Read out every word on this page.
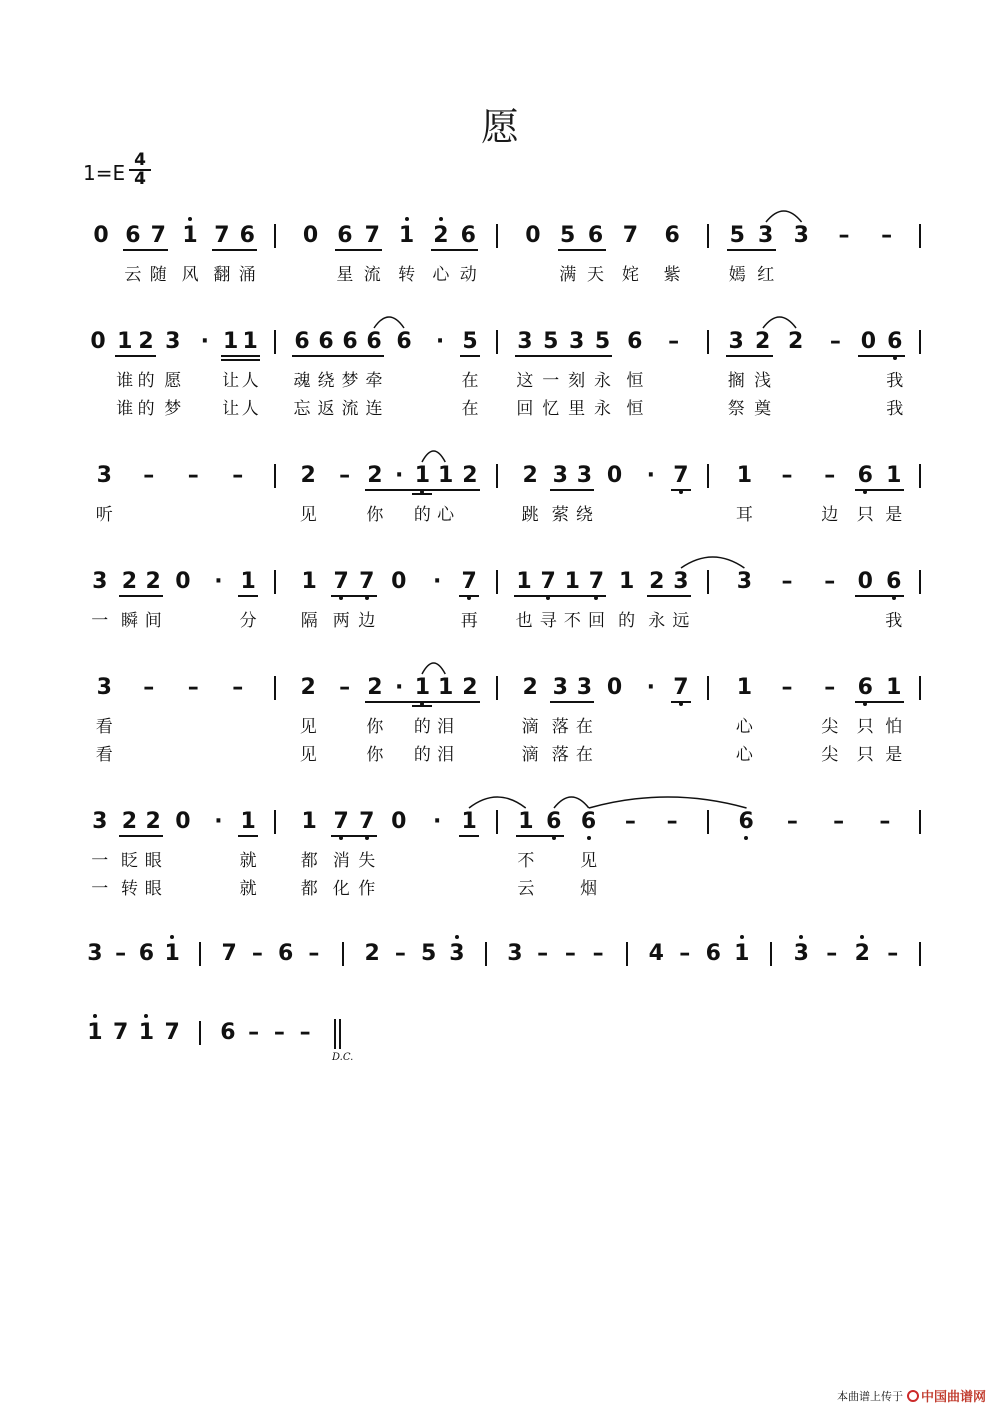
愿
$1=E \frac{4}{4}$
0 6 7 1 7 6 0 6 7 1 2 6 0 5 6 7 6 5 3 3 – –
云 随 风 翻 涌	星 流	转	心 动	满 天	姹	紫	嫣 红
0 1 2 3 · 1 1 6 6 6 6 6	· 5 3 5 3 5 6 – 3 2 2 – 0 6
谁 的 愿	让 人	魂 绕 梦 牵	在	这 一 刻 永 恒	搁 浅	我
谁 的 梦	让 人	忘 返 流 连	在	回 忆 里 永 恒	祭 奠	我
3 – – –	2 – 2 · 1 1 2 2 3 3 0	· 7 1 – – 6 1
听	见	你	的 心	跳 萦 绕	耳	边	只 是
3 2 2 0	· 1 1 7 7 0	· 7 1 7 1 7 1 2 3 3 – – 0 6
一 瞬 间	分	隔 两 边	再	也 寻 不 回 的 永 远	我
3 – – –	2 – 2 · 1 1 2 2 3 3 0	· 7 1 – – 6 1
看	见	你	的 泪	滴 落 在	心	尖	只 怕
看	见	你	的 泪	滴 落 在	心	尖	只 是
3 2 2 0	· 1 1 7 7 0	· 1 1 6 6 – –	6 – – –
一 眨 眼	就	都 消 失	不	见
一 转 眼	就	都 化 作	云	烟
3 – 6 1 7 – 6 – 2 – 5 3 3 – – – 4 – 6 1 3 – 2 –
1 7 1 7 6 – – –
D.C.
本曲谱上传于 中国曲谱网
